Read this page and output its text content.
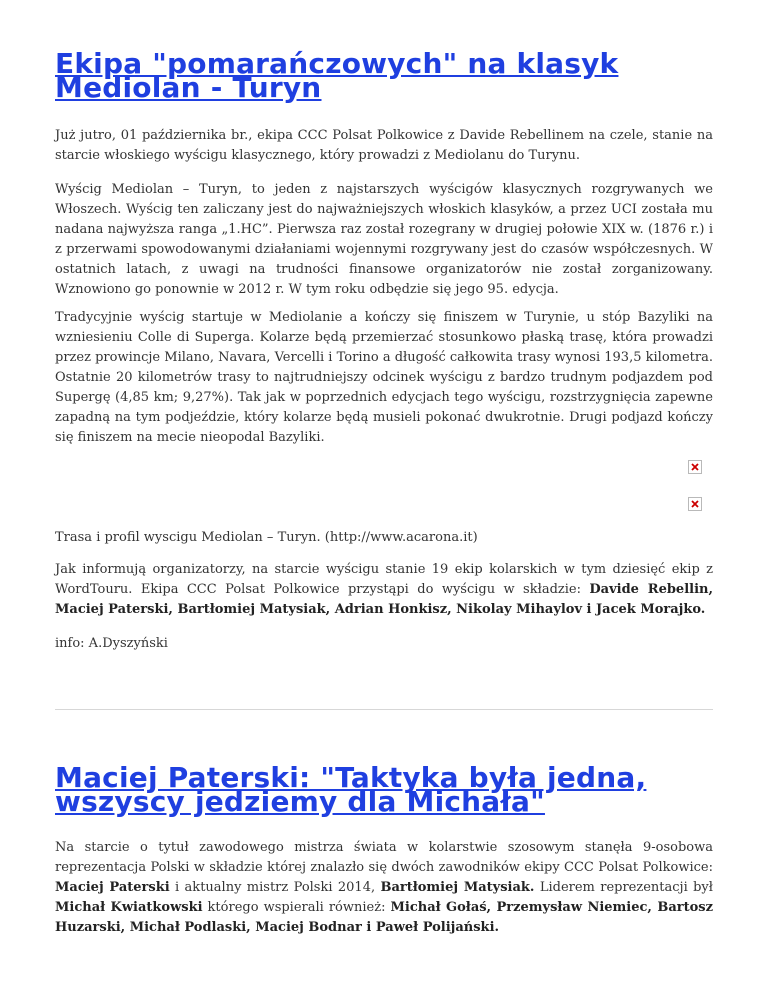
Ekipa "pomarańczowych" na klasyk Mediolan - Turyn

Już jutro, 01 października br., ekipa CCC Polsat Polkowice z Davide Rebellinem na czele, stanie na starcie włoskiego wyścigu klasycznego, który prowadzi z Mediolanu do Turynu.

Wyścig Mediolan – Turyn, to jeden z najstarszych wyścigów klasycznych rozgrywanych we Włoszech. Wyścig ten zaliczany jest do najważniejszych włoskich klasyków, a przez UCI została mu nadana najwyższa ranga „1.HC”. Pierwsza raz został rozegrany w drugiej połowie XIX w. (1876 r.) i z przerwami spowodowanymi działaniami wojennymi rozgrywany jest do czasów współczesnych. W ostatnich latach, z uwagi na trudności finansowe organizatorów nie został zorganizowany. Wznowiono go ponownie w 2012 r. W tym roku odbędzie się jego 95. edycja.

Tradycyjnie wyścig startuje w Mediolanie a kończy się finiszem w Turynie, u stóp Bazyliki na wzniesieniu Colle di Superga. Kolarze będą przemierzać stosunkowo płaską trasę, która prowadzi przez prowincje Milano, Navara, Vercelli i Torino a długość całkowita trasy wynosi 193,5 kilometra. Ostatnie 20 kilometrów trasy to najtrudniejszy odcinek wyścigu z bardzo trudnym podjazdem pod Supergę (4,85 km; 9,27%). Tak jak w poprzednich edycjach tego wyścigu, rozstrzygnięcia zapewne zapadną na tym podjeździe, który kolarze będą musieli pokonać dwukrotnie. Drugi podjazd kończy się finiszem na mecie nieopodal Bazyliki.

Trasa i profil wyscigu Mediolan – Turyn. (http://www.acarona.it)

Jak informują organizatorzy, na starcie wyścigu stanie 19 ekip kolarskich w tym dziesięć ekip z WordTouru. Ekipa CCC Polsat Polkowice przystąpi do wyścigu w składzie: Davide Rebellin, Maciej Paterski, Bartłomiej Matysiak, Adrian Honkisz, Nikolay Mihaylov i Jacek Morajko.

info: A.Dyszyński

Maciej Paterski: "Taktyka była jedna, wszyscy jedziemy dla Michała"

Na starcie o tytuł zawodowego mistrza świata w kolarstwie szosowym stanęła 9-osobowa reprezentacja Polski w składzie której znalazło się dwóch zawodników ekipy CCC Polsat Polkowice: Maciej Paterski i aktualny mistrz Polski 2014, Bartłomiej Matysiak. Liderem reprezentacji był Michał Kwiatkowski którego wspierali również: Michał Gołaś, Przemysław Niemiec, Bartosz Huzarski, Michał Podlaski, Maciej Bodnar i Paweł Polijański.
